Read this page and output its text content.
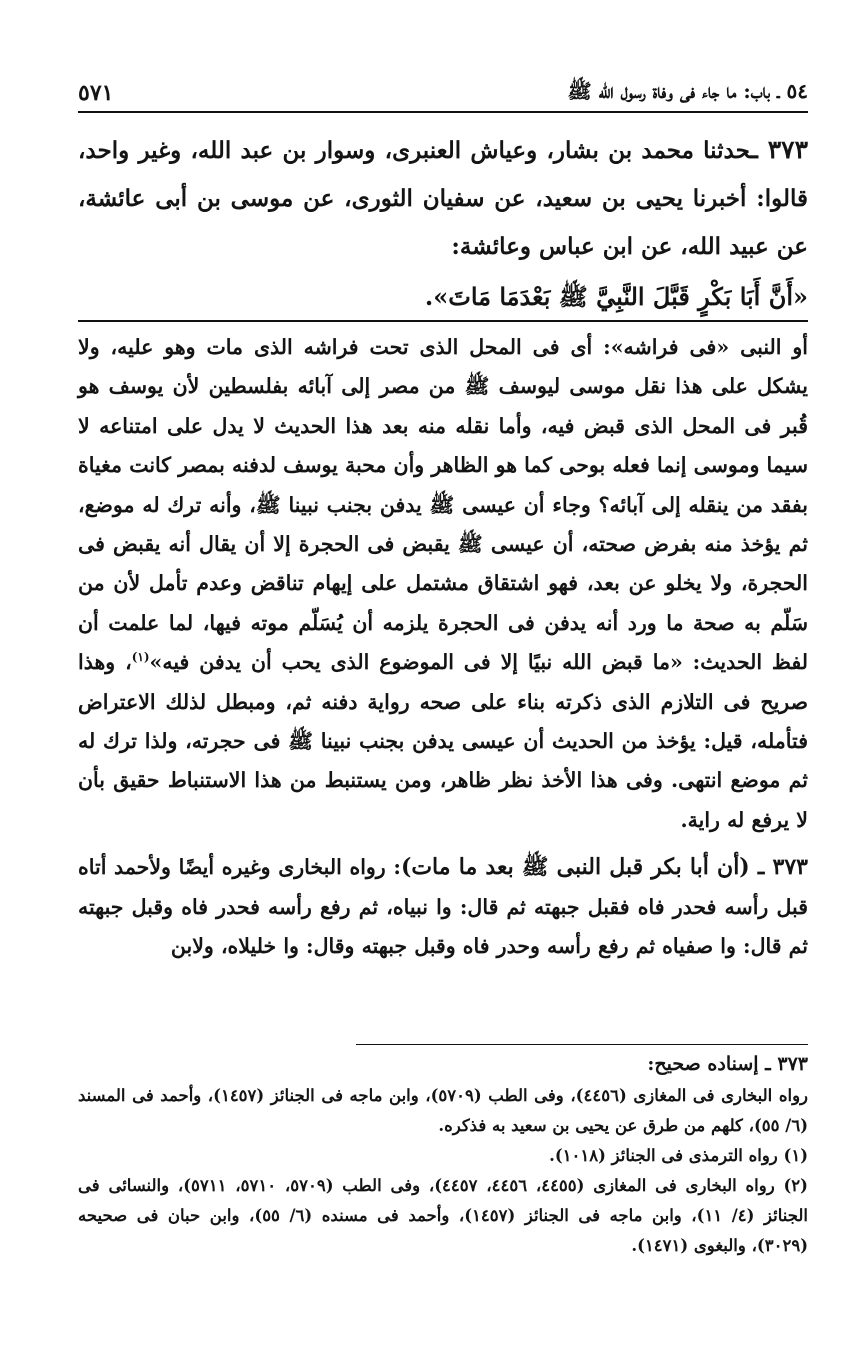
٥٤ ـ باب: ما جاء فى وفاة رسول الله ﷺ
٥٧١

٣٧٣ ـحدثنا محمد بن بشار، وعياش العنبرى، وسوار بن عبد الله، وغير واحد، قالوا: أخبرنا يحيى بن سعيد، عن سفيان الثورى، عن موسى بن أبى عائشة، عن عبيد الله، عن ابن عباس وعائشة:

«أَنَّ أَبَا بَكْرٍ قَبَّلَ النَّبِيَّ ﷺ بَعْدَمَا مَاتَ».

أو النبى «فى فراشه»: أى فى المحل الذى تحت فراشه الذى مات وهو عليه، ولا يشكل على هذا نقل موسى ليوسف ﷺ من مصر إلى آبائه بفلسطين لأن يوسف هو قُبر فى المحل الذى قبض فيه، وأما نقله منه بعد هذا الحديث لا يدل على امتناعه لا سيما وموسى إنما فعله بوحى كما هو الظاهر وأن محبة يوسف لدفنه بمصر كانت مغياة بفقد من ينقله إلى آبائه؟ وجاء أن عيسى ﷺ يدفن بجنب نبينا ﷺ، وأنه ترك له موضع، ثم يؤخذ منه بفرض صحته، أن عيسى ﷺ يقبض فى الحجرة إلا أن يقال أنه يقبض فى الحجرة، ولا يخلو عن بعد، فهو اشتقاق مشتمل على إيهام تناقض وعدم تأمل لأن من سَلّم به صحة ما ورد أنه يدفن فى الحجرة يلزمه أن يُسَلّم موته فيها، لما علمت أن لفظ الحديث: «ما قبض الله نبيًا إلا فى الموضوع الذى يحب أن يدفن فيه»$^{(١)}$، وهذا صريح فى التلازم الذى ذكرته بناء على صحه رواية دفنه ثم، ومبطل لذلك الاعتراض فتأمله، قيل: يؤخذ من الحديث أن عيسى يدفن بجنب نبينا ﷺ فى حجرته، ولذا ترك له ثم موضع انتهى. وفى هذا الأخذ نظر ظاهر، ومن يستنبط من هذا الاستنباط حقيق بأن لا يرفع له راية.

٣٧٣ ـ (أن أبا بكر قبل النبى ﷺ بعد ما مات): رواه البخارى وغيره أيضًا ولأحمد أتاه قبل رأسه فحدر فاه فقبل جبهته ثم قال: وا نبياه، ثم رفع رأسه فحدر فاه وقبل جبهته ثم قال: وا صفياه ثم رفع رأسه وحدر فاه وقبل جبهته وقال: وا خليلاه، ولابن

٣٧٣ ـ إسناده صحيح:

رواه البخارى فى المغازى (٤٤٥٦)، وفى الطب (٥٧٠٩)، وابن ماجه فى الجنائز (١٤٥٧)، وأحمد فى المسند (٦/ ٥٥)، كلهم من طرق عن يحيى بن سعيد به فذكره.

(١) رواه الترمذى فى الجنائز (١٠١٨).

(٢) رواه البخارى فى المغازى (٤٤٥٥، ٤٤٥٦، ٤٤٥٧)، وفى الطب (٥٧٠٩، ٥٧١٠، ٥٧١١)، والنسائى فى الجنائز (٤/ ١١)، وابن ماجه فى الجنائز (١٤٥٧)، وأحمد فى مسنده (٦/ ٥٥)، وابن حبان فى صحيحه (٣٠٢٩)، والبغوى (١٤٧١).
